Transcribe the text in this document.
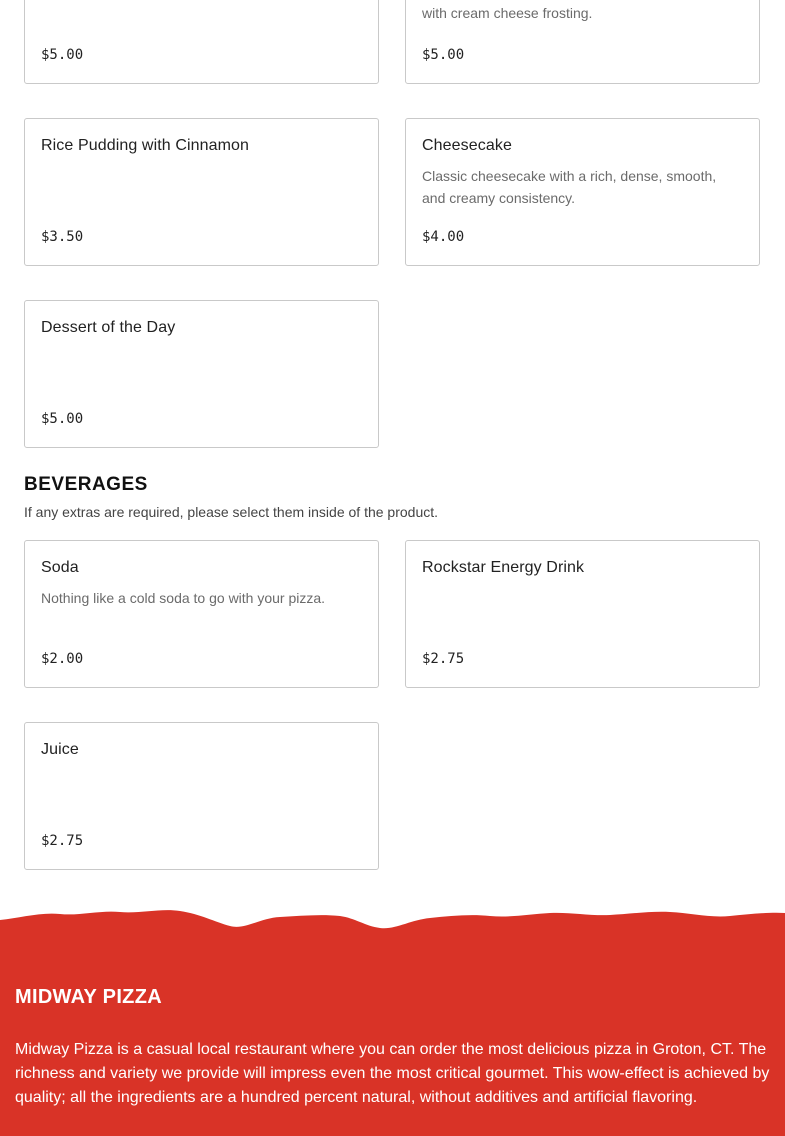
$5.00
with cream cheese frosting.
$5.00
Rice Pudding with Cinnamon
$3.50
Cheesecake
Classic cheesecake with a rich, dense, smooth, and creamy consistency.
$4.00
Dessert of the Day
$5.00
BEVERAGES
If any extras are required, please select them inside of the product.
Soda
Nothing like a cold soda to go with your pizza.
$2.00
Rockstar Energy Drink
$2.75
Juice
$2.75
MIDWAY PIZZA
Midway Pizza is a casual local restaurant where you can order the most delicious pizza in Groton, CT. The richness and variety we provide will impress even the most critical gourmet. This wow-effect is achieved by quality; all the ingredients are a hundred percent natural, without additives and artificial flavoring.
